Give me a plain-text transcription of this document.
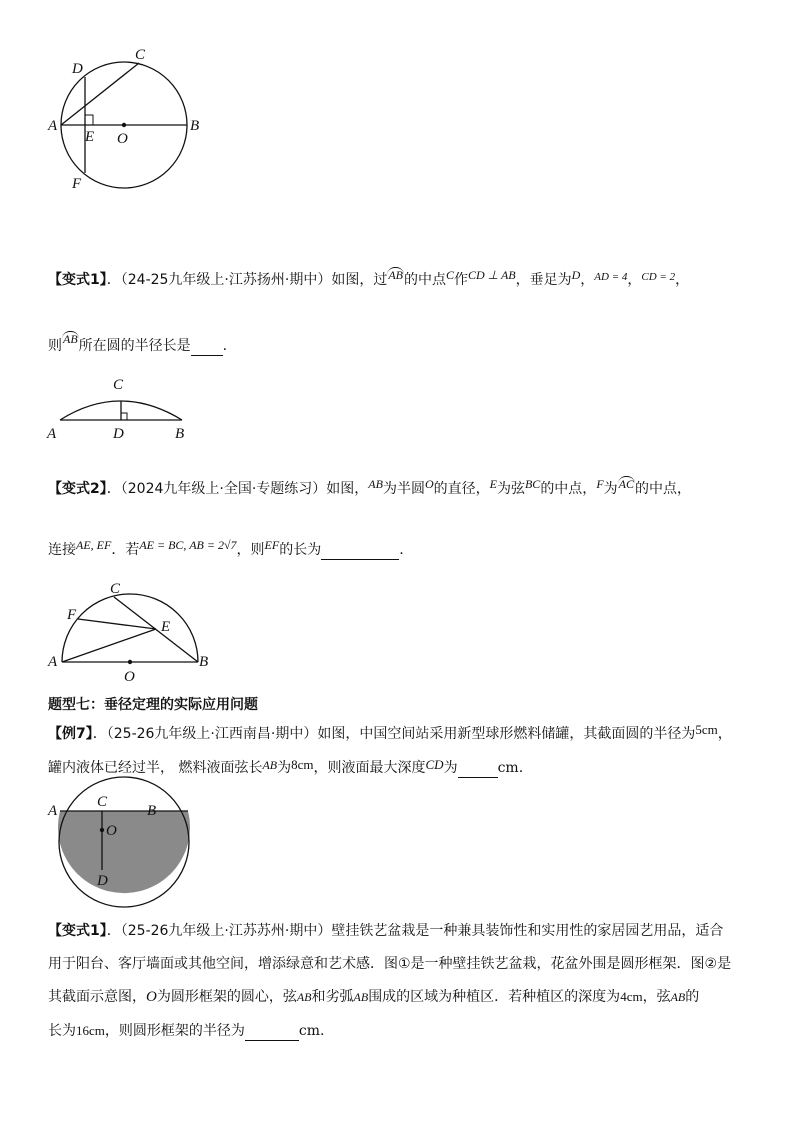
C
D
A
E O
B
F
【变式1】．（24-25九年级上·江苏扬州·期中）如图，过AB的中点C作CD ⊥ AB，垂足为D，$^{AD = 4}$，$^{CD = 2}$，
则AB所在圆的半径长是 .
C
A	D	B
【变式2】．（2024九年级上·全国·专题练习）如图，AB为半圆O的直径，E为弦BC的中点，F为AC的中点，
连接AE, EF．若AE = BC, AB = 2√7，则EF的长为	.
C
F
E
A
O
B
题型七：垂径定理的实际应用问题
【例7】．（25-26九年级上·江西南昌·期中）如图，中国空间站采用新型球形燃料储罐，其截面圆的半径为5cm，
罐内液体已经过半， 燃料液面弦长AB为8cm，则液面最大深度CD为	cm.
C
A	B
O
D
【变式1】．（25-26九年级上·江苏苏州·期中）壁挂铁艺盆栽是一种兼具装饰性和实用性的家居园艺用品，适合
用于阳台、客厅墙面或其他空间，增添绿意和艺术感．图①是一种壁挂铁艺盆栽，花盆外围是圆形框架．图②是
其截面示意图，O为圆形框架的圆心，弦AB和劣弧AB围成的区域为种植区．若种植区的深度为4cm，弦AB的
长为16cm，则圆形框架的半径为	cm.
